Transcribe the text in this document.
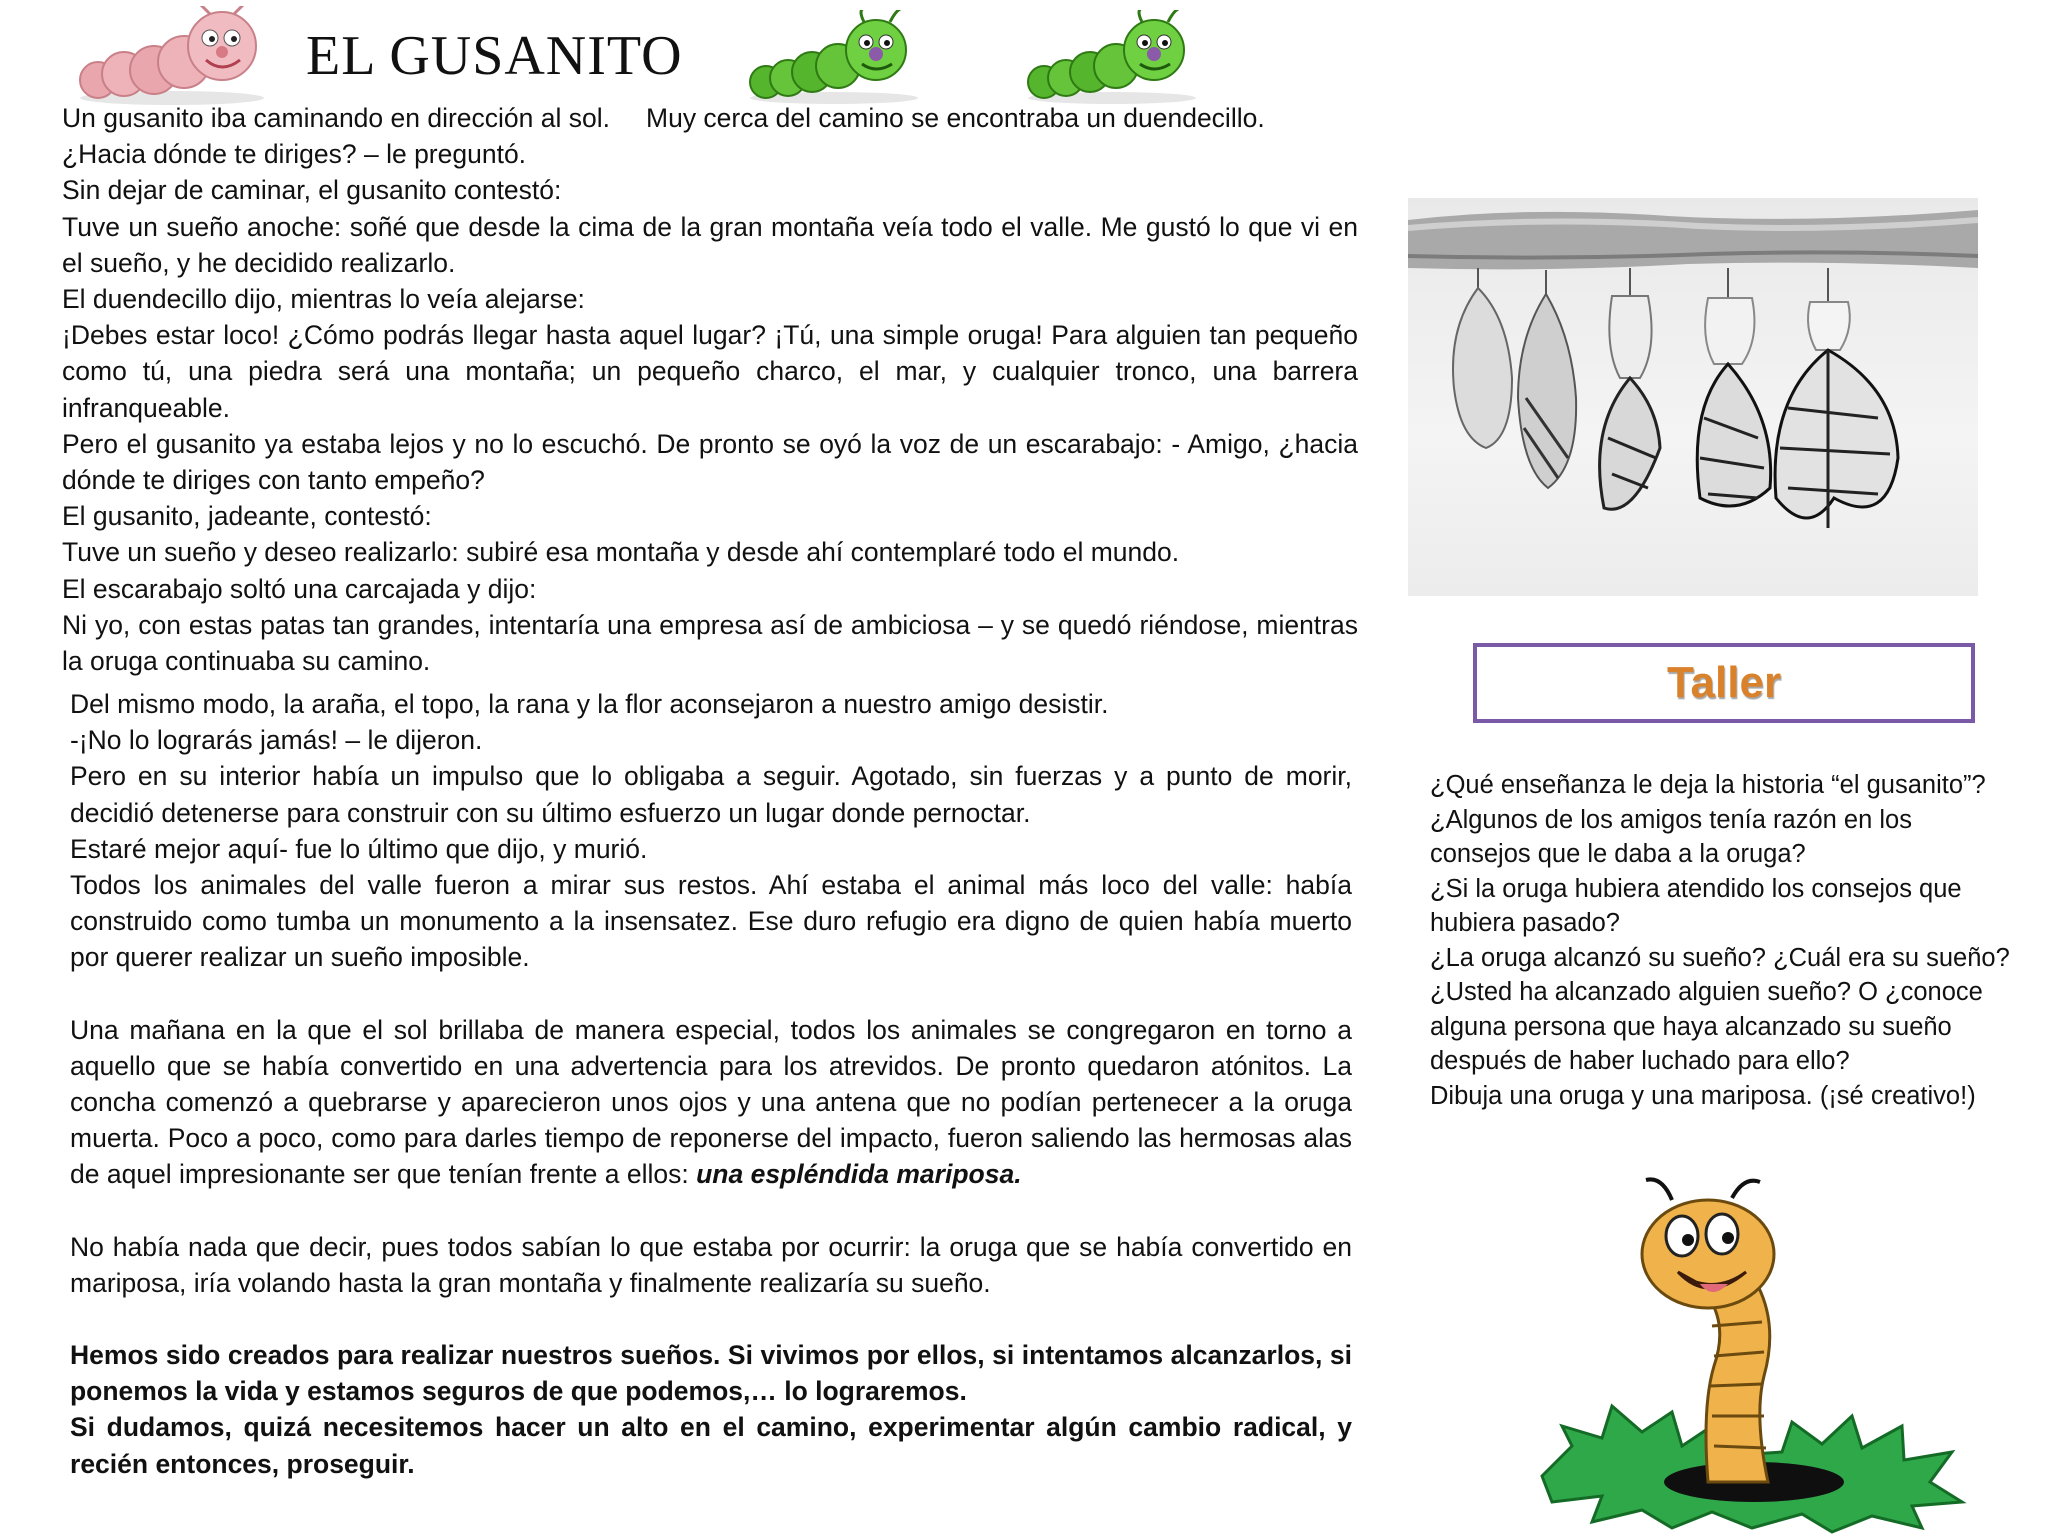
EL GUSANITO
Un gusanito iba caminando en dirección al sol. Muy cerca del camino se encontraba un duendecillo.

¿Hacia dónde te diriges? – le preguntó.

Sin dejar de caminar, el gusanito contestó:

Tuve un sueño anoche: soñé que desde la cima de la gran montaña veía todo el valle. Me gustó lo que vi en el sueño, y he decidido realizarlo.

El duendecillo dijo, mientras lo veía alejarse:

¡Debes estar loco! ¿Cómo podrás llegar hasta aquel lugar? ¡Tú, una simple oruga! Para alguien tan pequeño como tú, una piedra será una montaña; un pequeño charco, el mar, y cualquier tronco, una barrera infranqueable.

Pero el gusanito ya estaba lejos y no lo escuchó. De pronto se oyó la voz de un escarabajo: - Amigo, ¿hacia dónde te diriges con tanto empeño?

El gusanito, jadeante, contestó:

Tuve un sueño y deseo realizarlo: subiré esa montaña y desde ahí contemplaré todo el mundo.

El escarabajo soltó una carcajada y dijo:

Ni yo, con estas patas tan grandes, intentaría una empresa así de ambiciosa – y se quedó riéndose, mientras la oruga continuaba su camino.

Del mismo modo, la araña, el topo, la rana y la flor aconsejaron a nuestro amigo desistir.

-¡No lo lograrás jamás! – le dijeron.

Pero en su interior había un impulso que lo obligaba a seguir. Agotado, sin fuerzas y a punto de morir, decidió detenerse para construir con su último esfuerzo un lugar donde pernoctar.

Estaré mejor aquí- fue lo último que dijo, y murió.

Todos los animales del valle fueron a mirar sus restos. Ahí estaba el animal más loco del valle: había construido como tumba un monumento a la insensatez. Ese duro refugio era digno de quien había muerto por querer realizar un sueño imposible.

Una mañana en la que el sol brillaba de manera especial, todos los animales se congregaron en torno a aquello que se había convertido en una advertencia para los atrevidos. De pronto quedaron atónitos. La concha comenzó a quebrarse y aparecieron unos ojos y una antena que no podían pertenecer a la oruga muerta. Poco a poco, como para darles tiempo de reponerse del impacto, fueron saliendo las hermosas alas de aquel impresionante ser que tenían frente a ellos: una espléndida mariposa.

No había nada que decir, pues todos sabían lo que estaba por ocurrir: la oruga que se había convertido en mariposa, iría volando hasta la gran montaña y finalmente realizaría su sueño.

Hemos sido creados para realizar nuestros sueños. Si vivimos por ellos, si intentamos alcanzarlos, si ponemos la vida y estamos seguros de que podemos,… lo lograremos.

Si dudamos, quizá necesitemos hacer un alto en el camino, experimentar algún cambio radical, y recién entonces, proseguir.

Taller

¿Qué enseñanza le deja la historia “el gusanito”?

¿Algunos de los amigos tenía razón en los consejos que le daba a la oruga?

¿Si la oruga hubiera atendido los consejos que hubiera pasado?

¿La oruga alcanzó su sueño? ¿Cuál era su sueño?

¿Usted ha alcanzado alguien sueño? O ¿conoce alguna persona que haya alcanzado su sueño después de haber luchado para ello?

Dibuja una oruga y una mariposa. (¡sé creativo!)
